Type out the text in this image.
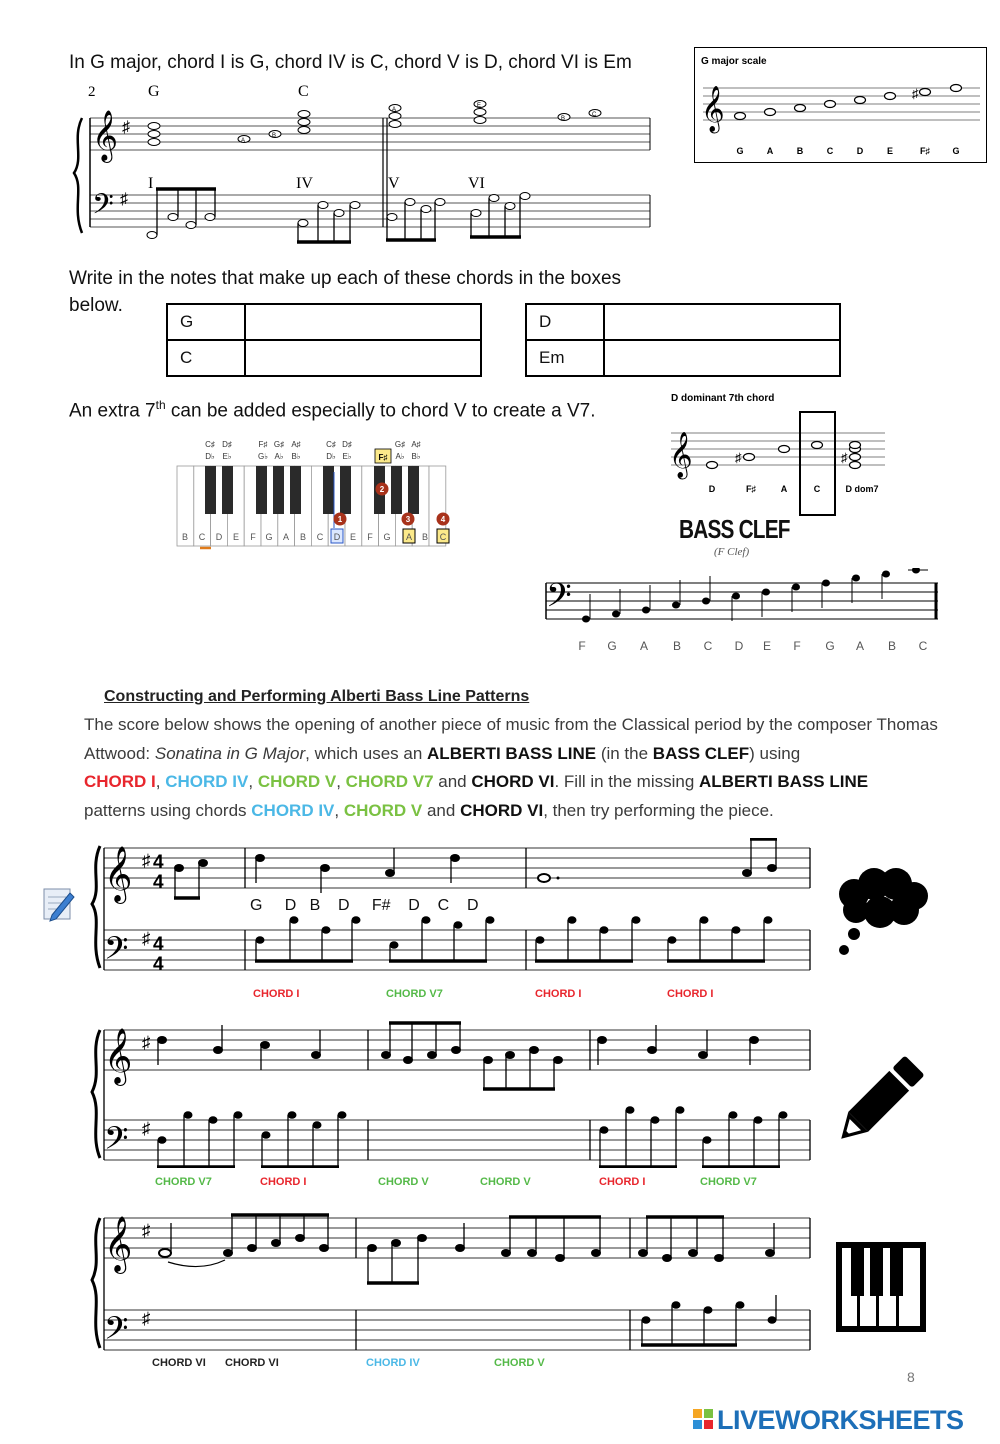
In G major, chord I is G, chord IV is C, chord V is D, chord VI is Em
2	G	C
𝄞 ♯
𝄢 ♯
A
B
E
A
B
C
I	IV	V	VI
G major scale
𝄞	♯
G	A	B	C	D	E	F♯ G
Write in the notes that make up each of these chords in the boxes below.
G	
C	
D	
Em	
An extra 7th can be added especially to chord V to create a V7.
D dominant 7th chord
𝄞	♯	♯
D	F♯	A	C	D dom7
C♯ D♯	F♯ G♯ A♯	C♯ D♯	G♯ A♯
D♭ E♭	G♭ A♭ B♭	D♭ E♭	A♭ B♭
F♯
B C D E F G A B C D E F G A B C
1
2
3	4	BASS CLEF
(F Clef)
𝄢
F G A B C D E F G A B C
Constructing and Performing Alberti Bass Line Patterns
The score below shows the opening of another piece of music from the Classical period by the composer Thomas Attwood: Sonatina in G Major, which uses an ALBERTI BASS LINE (in the BASS CLEF) using
CHORD I, CHORD IV, CHORD V, CHORD V7 and CHORD VI. Fill in the missing ALBERTI BASS LINE
patterns using chords CHORD IV, CHORD V and CHORD VI, then try performing the piece.
𝄞
𝄢
♯
♯
4
4
4
4
G D B D F# D C D
CHORD I	CHORD V7	CHORD I	CHORD I
𝄞
𝄢
♯
♯
CHORD V7	CHORD I	CHORD V	CHORD V	CHORD I	CHORD V7
𝄞
𝄢
♯
♯
CHORD VI CHORD VI	CHORD IV	CHORD V
8
LIVEWORKSHEETS
